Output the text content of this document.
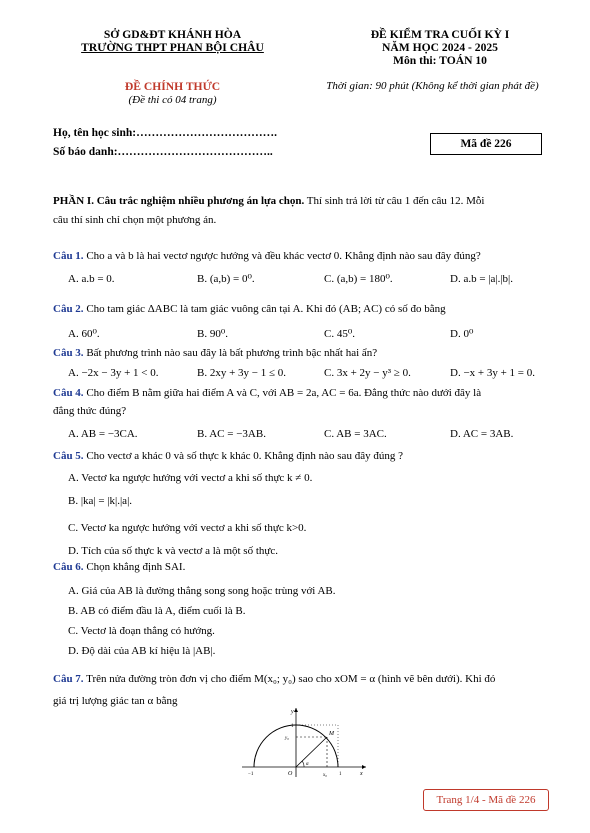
SỞ GD&ĐT KHÁNH HÒA
TRƯỜNG THPT PHAN BỘI CHÂU
ĐỀ KIỂM TRA CUỐI KỲ I
NĂM HỌC 2024 - 2025
Môn thi: TOÁN 10
ĐỀ CHÍNH THỨC
(Đề thi có 04 trang)
Thời gian: 90 phút (Không kể thời gian phát đề)
Họ, tên học sinh:……………………………….
Số báo danh:…………………………………..
Mã đề 226
PHẦN I. Câu trắc nghiệm nhiều phương án lựa chọn. Thí sinh trả lời từ câu 1 đến câu 12. Mỗi
câu thí sinh chỉ chọn một phương án.
Câu 1. Cho a và b là hai vectơ ngược hướng và đều khác vectơ 0. Khẳng định nào sau đây đúng?
A. a.b = 0.	B. (a,b) = 0⁰.	C. (a,b) = 180⁰.	D. a.b = |a|.|b|.
Câu 2. Cho tam giác ΔABC là tam giác vuông cân tại A. Khi đó (AB; AC) có số đo bằng
A. 60⁰.	B. 90⁰.	C. 45⁰.	D. 0⁰
Câu 3. Bất phương trình nào sau đây là bất phương trình bậc nhất hai ẩn?
A. −2x − 3y + 1 < 0.	B. 2xy + 3y − 1 ≤ 0.	C. 3x + 2y − y³ ≥ 0.	D. −x + 3y + 1 = 0.
Câu 4. Cho điểm B nằm giữa hai điểm A và C, với AB = 2a, AC = 6a. Đẳng thức nào dưới đây là
đẳng thức đúng?
A. AB = −3CA.	B. AC = −3AB.	C. AB = 3AC.	D. AC = 3AB.
Câu 5. Cho vectơ a khác 0 và số thực k khác 0. Khẳng định nào sau đây đúng ?
A. Vectơ ka ngược hướng với vectơ a khi số thực k ≠ 0.
B. |ka| = |k|.|a|.
C. Vectơ ka ngược hướng với vectơ a khi số thực k>0.
D. Tích của số thực k và vectơ a là một số thực.
Câu 6. Chọn khẳng định SAI.
A. Giá của AB là đường thẳng song song hoặc trùng với AB.
B. AB có điểm đầu là A, điểm cuối là B.
C. Vectơ là đoạn thẳng có hướng.
D. Độ dài của AB kí hiệu là |AB|.
Câu 7. Trên nửa đường tròn đơn vị cho điểm M(x₀; y₀) sao cho xOM = α (hình vẽ bên dưới). Khi đó
giá trị lượng giác tan α bằng
y
1
y₀
M
α
−1	O	x₀ 1	x
Trang 1/4 - Mã đề 226
